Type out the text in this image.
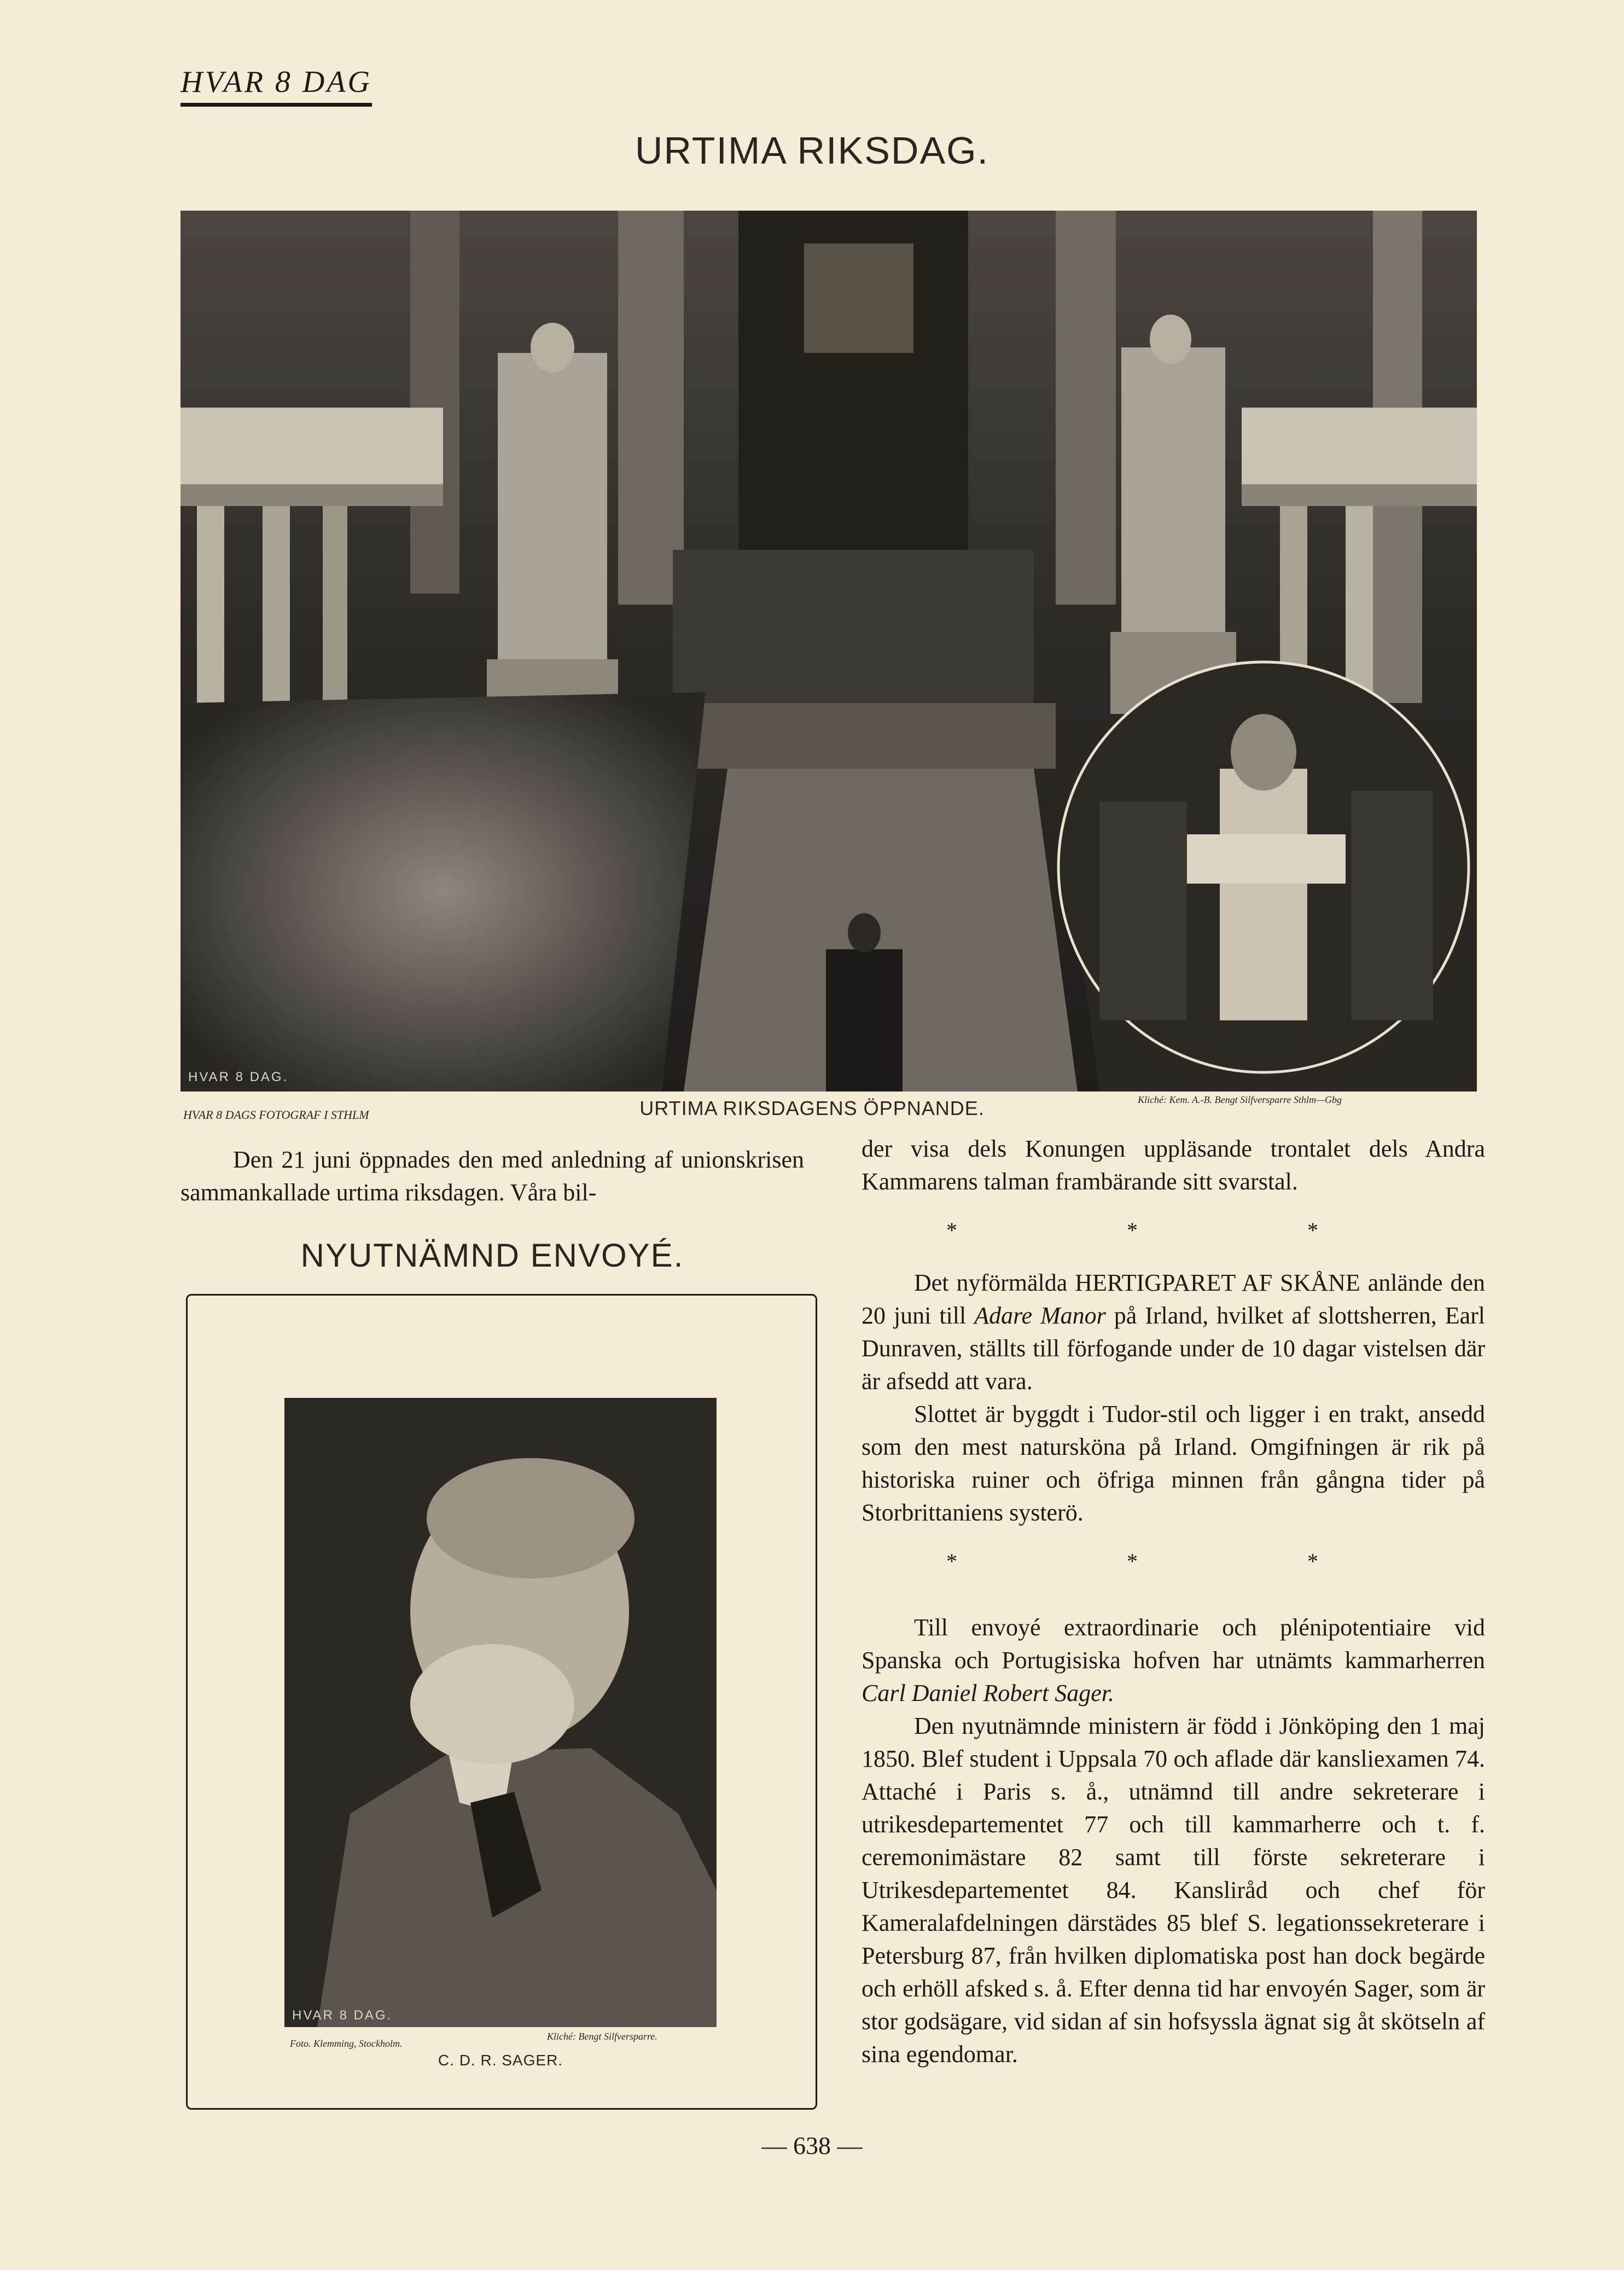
HVAR 8 DAG
URTIMA RIKSDAG.
HVAR 8 DAG.
HVAR 8 DAGS FOTOGRAF I STHLM	URTIMA RIKSDAGENS ÖPPNANDE.	Kliché: Kem. A.-B. Bengt Silfversparre Sthlm—Gbg

Den 21 juni öppnades den med anledning af unionskrisen sammankallade urtima riksdagen. Våra bil-

der visa dels Konungen uppläsande trontalet dels Andra Kammarens talman frambärande sitt svarstal.

* * *

Det nyförmälda HERTIGPARET AF SKÅNE anlände den 20 juni till Adare Manor på Irland, hvilket af slottsherren, Earl Dunraven, ställts till förfogande under de 10 dagar vistelsen där är afsedd att vara.

Slottet är byggdt i Tudor-stil och ligger i en trakt, ansedd som den mest natursköna på Irland. Omgifningen är rik på historiska ruiner och öfriga minnen från gångna tider på Storbrittaniens systerö.

* * *
NYUTNÄMND ENVOYÉ.
HVAR 8 DAG.
Foto. Klemming, Stockholm.
Kliché: Bengt Silfversparre.
C. D. R. SAGER.

Till envoyé extraordinarie och plénipotentiaire vid Spanska och Portugisiska hofven har utnämts kammarherren Carl Daniel Robert Sager.

Den nyutnämnde ministern är född i Jönköping den 1 maj 1850. Blef student i Uppsala 70 och aflade där kansliexamen 74. Attaché i Paris s. å., utnämnd till andre sekreterare i utrikesdepartementet 77 och till kammarherre och t. f. ceremonimästare 82 samt till förste sekreterare i Utrikesdepartementet 84. Kansliråd och chef för Kameralafdelningen därstädes 85 blef S. legationssekreterare i Petersburg 87, från hvilken diplomatiska post han dock begärde och erhöll afsked s. å. Efter denna tid har envoyén Sager, som är stor godsägare, vid sidan af sin hofsyssla ägnat sig åt skötseln af sina egendomar.

— 638 —
